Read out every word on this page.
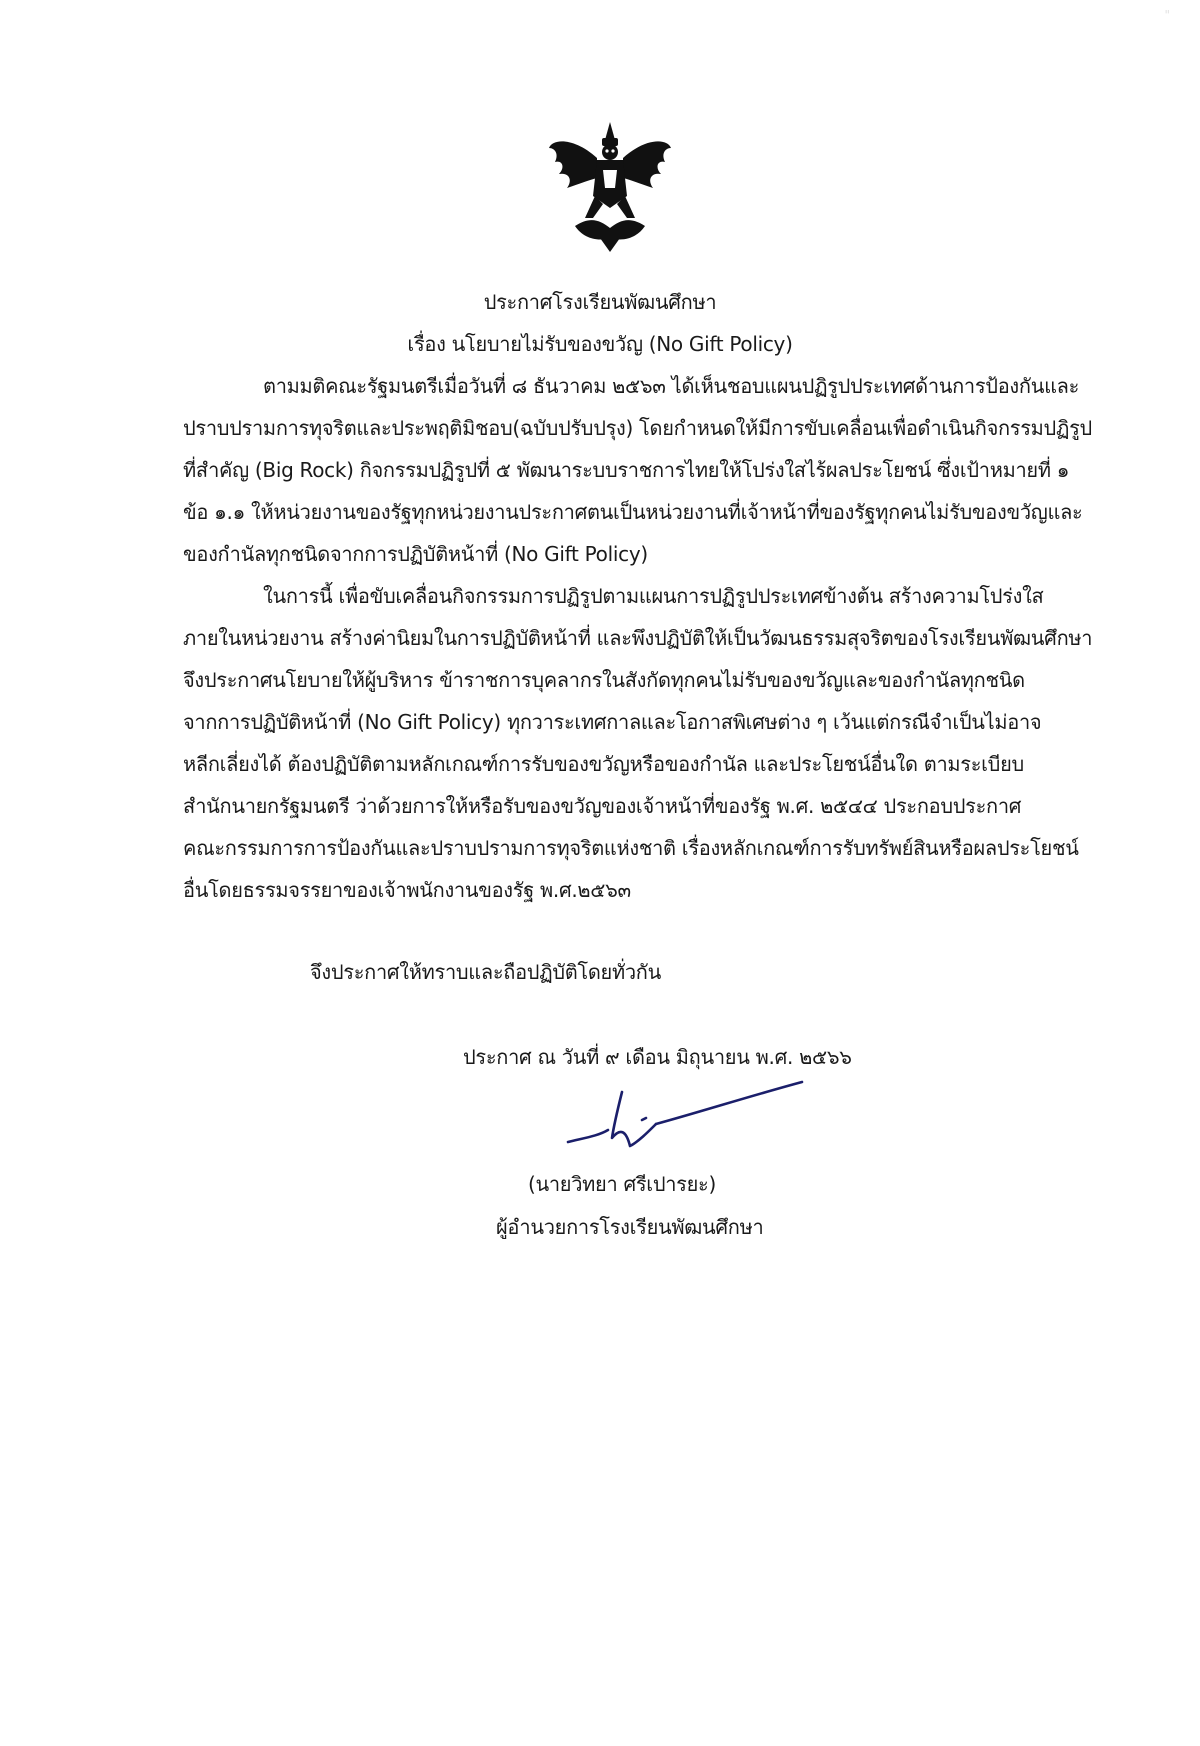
"
ประกาศโรงเรียนพัฒนศึกษา
เรื่อง นโยบายไม่รับของขวัญ (No Gift Policy)
ตามมติคณะรัฐมนตรีเมื่อวันที่ ๘ ธันวาคม ๒๕๖๓ ได้เห็นชอบแผนปฏิรูปประเทศด้านการป้องกันและ
ปราบปรามการทุจริตและประพฤติมิชอบ(ฉบับปรับปรุง) โดยกำหนดให้มีการขับเคลื่อนเพื่อดำเนินกิจกรรมปฏิรูป
ที่สำคัญ (Big Rock) กิจกรรมปฏิรูปที่ ๕ พัฒนาระบบราชการไทยให้โปร่งใสไร้ผลประโยชน์ ซึ่งเป้าหมายที่ ๑
ข้อ ๑.๑ ให้หน่วยงานของรัฐทุกหน่วยงานประกาศตนเป็นหน่วยงานที่เจ้าหน้าที่ของรัฐทุกคนไม่รับของขวัญและ
ของกำนัลทุกชนิดจากการปฏิบัติหน้าที่ (No Gift Policy)
ในการนี้ เพื่อขับเคลื่อนกิจกรรมการปฏิรูปตามแผนการปฏิรูปประเทศข้างต้น สร้างความโปร่งใส
ภายในหน่วยงาน สร้างค่านิยมในการปฏิบัติหน้าที่ และพึงปฏิบัติให้เป็นวัฒนธรรมสุจริตของโรงเรียนพัฒนศึกษา
จึงประกาศนโยบายให้ผู้บริหาร ข้าราชการบุคลากรในสังกัดทุกคนไม่รับของขวัญและของกำนัลทุกชนิด
จากการปฏิบัติหน้าที่ (No Gift Policy) ทุกวาระเทศกาลและโอกาสพิเศษต่าง ๆ เว้นแต่กรณีจำเป็นไม่อาจ
หลีกเลี่ยงได้ ต้องปฏิบัติตามหลักเกณฑ์การรับของขวัญหรือของกำนัล และประโยชน์อื่นใด ตามระเบียบ
สำนักนายกรัฐมนตรี ว่าด้วยการให้หรือรับของขวัญของเจ้าหน้าที่ของรัฐ พ.ศ. ๒๕๔๔ ประกอบประกาศ
คณะกรรมการการป้องกันและปราบปรามการทุจริตแห่งชาติ เรื่องหลักเกณฑ์การรับทรัพย์สินหรือผลประโยชน์
อื่นโดยธรรมจรรยาของเจ้าพนักงานของรัฐ พ.ศ.๒๕๖๓
จึงประกาศให้ทราบและถือปฏิบัติโดยทั่วกัน
ประกาศ ณ วันที่ ๙ เดือน มิถุนายน พ.ศ. ๒๕๖๖
(นายวิทยา ศรีเปารยะ)
ผู้อำนวยการโรงเรียนพัฒนศึกษา
